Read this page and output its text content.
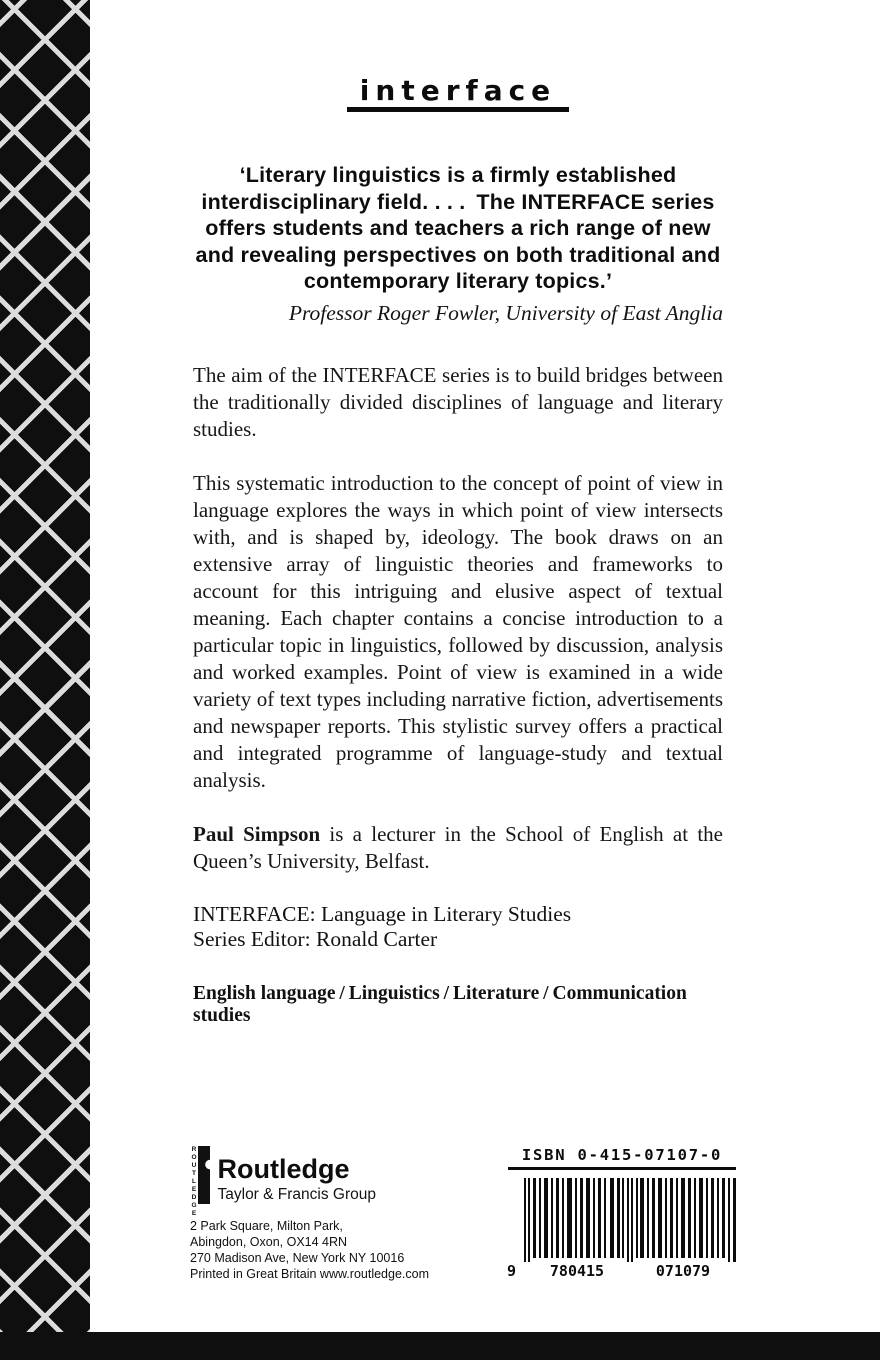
interface
‘Literary linguistics is a firmly established
interdisciplinary field. . . . The INTERFACE series
offers students and teachers a rich range of new
and revealing perspectives on both traditional and
contemporary literary topics.’
Professor Roger Fowler, University of East Anglia

The aim of the INTERFACE series is to build bridges between the traditionally divided disciplines of language and literary studies.

This systematic introduction to the concept of point of view in language explores the ways in which point of view intersects with, and is shaped by, ideology. The book draws on an extensive array of linguistic theories and frameworks to account for this intriguing and elusive aspect of textual meaning. Each chapter contains a concise introduction to a particular topic in linguistics, followed by discussion, analysis and worked examples. Point of view is examined in a wide variety of text types including narrative fiction, advertisements and newspaper reports. This stylistic survey offers a practical and integrated programme of language-study and textual analysis.

Paul Simpson is a lecturer in the School of English at the Queen’s University, Belfast.

INTERFACE: Language in Literary Studies
Series Editor: Ronald Carter
English language / Linguistics / Literature / Communication studies
ROUTLEDGE Routledge
Taylor & Francis Group
2 Park Square, Milton Park,
Abingdon, Oxon, OX14 4RN
270 Madison Ave, New York NY 10016
Printed in Great Britain www.routledge.com
ISBN 0-415-07107-0
9	780415	071079
